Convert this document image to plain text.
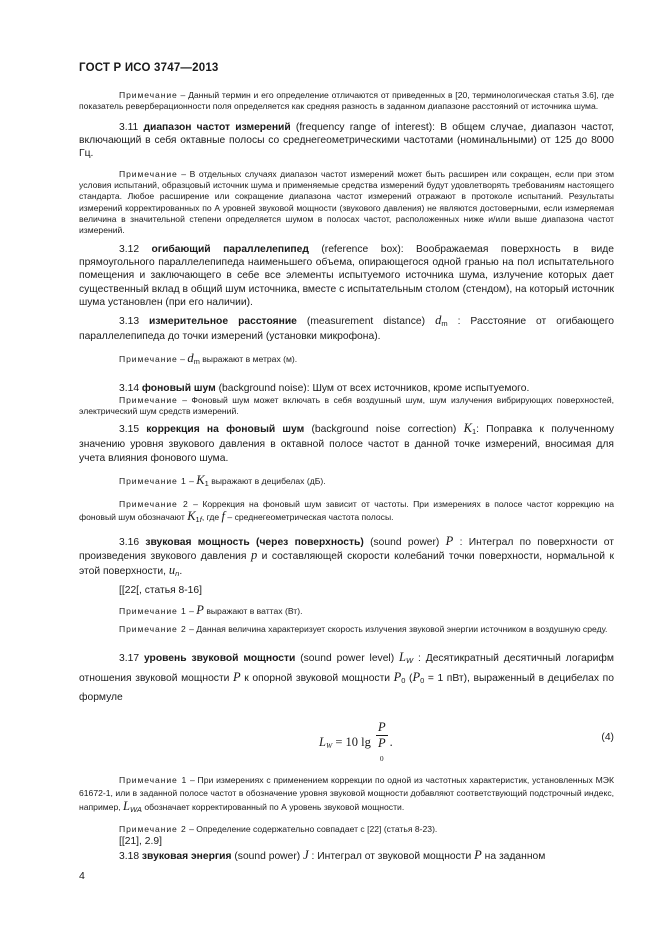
ГОСТ Р ИСО 3747—2013

Примечание – Данный термин и его определение отличаются от приведенных в [20, терминологическая статья 3.6], где показатель реверберационности поля определяется как средняя разность в заданном диапазоне расстояний от источника шума.

3.11 диапазон частот измерений (frequency range of interest): В общем случае, диапазон частот, включающий в себя октавные полосы со среднегеометрическими частотами (номинальными) от 125 до 8000 Гц.

Примечание – В отдельных случаях диапазон частот измерений может быть расширен или сокращен, если при этом условия испытаний, образцовый источник шума и применяемые средства измерений будут удовлетворять требованиям настоящего стандарта. Любое расширение или сокращение диапазона частот измерений отражают в протоколе испытаний. Результаты измерений корректированных по А уровней звуковой мощности (звукового давления) не являются достоверными, если измеряемая величина в значительной степени определяется шумом в полосах частот, расположенных ниже и/или выше диапазона частот измерений.

3.12 огибающий параллелепипед (reference box): Воображаемая поверхность в виде прямоугольного параллелепипеда наименьшего объема, опирающегося одной гранью на пол испытательного помещения и заключающего в себе все элементы испытуемого источника шума, излучение которых дает существенный вклад в общий шум источника, вместе с испытательным столом (стендом), на который источник шума установлен (при его наличии).

3.13 измерительное расстояние (measurement distance) $d_m$ : Расстояние от огибающего параллелепипеда до точки измерений (установки микрофона).

Примечание – dm выражают в метрах (м).

3.14 фоновый шум (background noise): Шум от всех источников, кроме испытуемого.

Примечание – Фоновый шум может включать в себя воздушный шум, шум излучения вибрирующих поверхностей, электрический шум средств измерений.

3.15 коррекция на фоновый шум (background noise correction) $K_1$: Поправка к полученному значению уровня звукового давления в октавной полосе частот в данной точке измерений, вносимая для учета влияния фонового шума.

Примечание 1 – K1 выражают в децибелах (дБ).

Примечание 2 – Коррекция на фоновый шум зависит от частоты. При измерениях в полосе частот коррекцию на фоновый шум обозначают K1f, где f – среднегеометрическая частота полосы.

3.16 звуковая мощность (через поверхность) (sound power) P : Интеграл по поверхности от произведения звукового давления p и составляющей скорости колебаний точки поверхности, нормальной к этой поверхности, un.

[[22[, статья 8-16]

Примечание 1 – P выражают в ваттах (Вт).

Примечание 2 – Данная величина характеризует скорость излучения звуковой энергии источником в воздушную среду.

3.17 уровень звуковой мощности (sound power level) LW : Десятикратный десятичный логарифм отношения звуковой мощности P к опорной звуковой мощности $P_0$ ($P_0 = 1$ пВт), выраженный в децибелах по формуле

LW = 10 lg P
P
0 .	(4)

Примечание 1 – При измерениях с применением коррекции по одной из частотных характеристик, установленных МЭК 61672-1, или в заданной полосе частот в обозначение уровня звуковой мощности добавляют соответствующий подстрочный индекс, например, LWA обозначает корректированный по А уровень звуковой мощности.

Примечание 2 – Определение содержательно совпадает с [22] (статья 8-23).

[[21], 2.9]

3.18 звуковая энергия (sound power) J : Интеграл от звуковой мощности P на заданном

4
